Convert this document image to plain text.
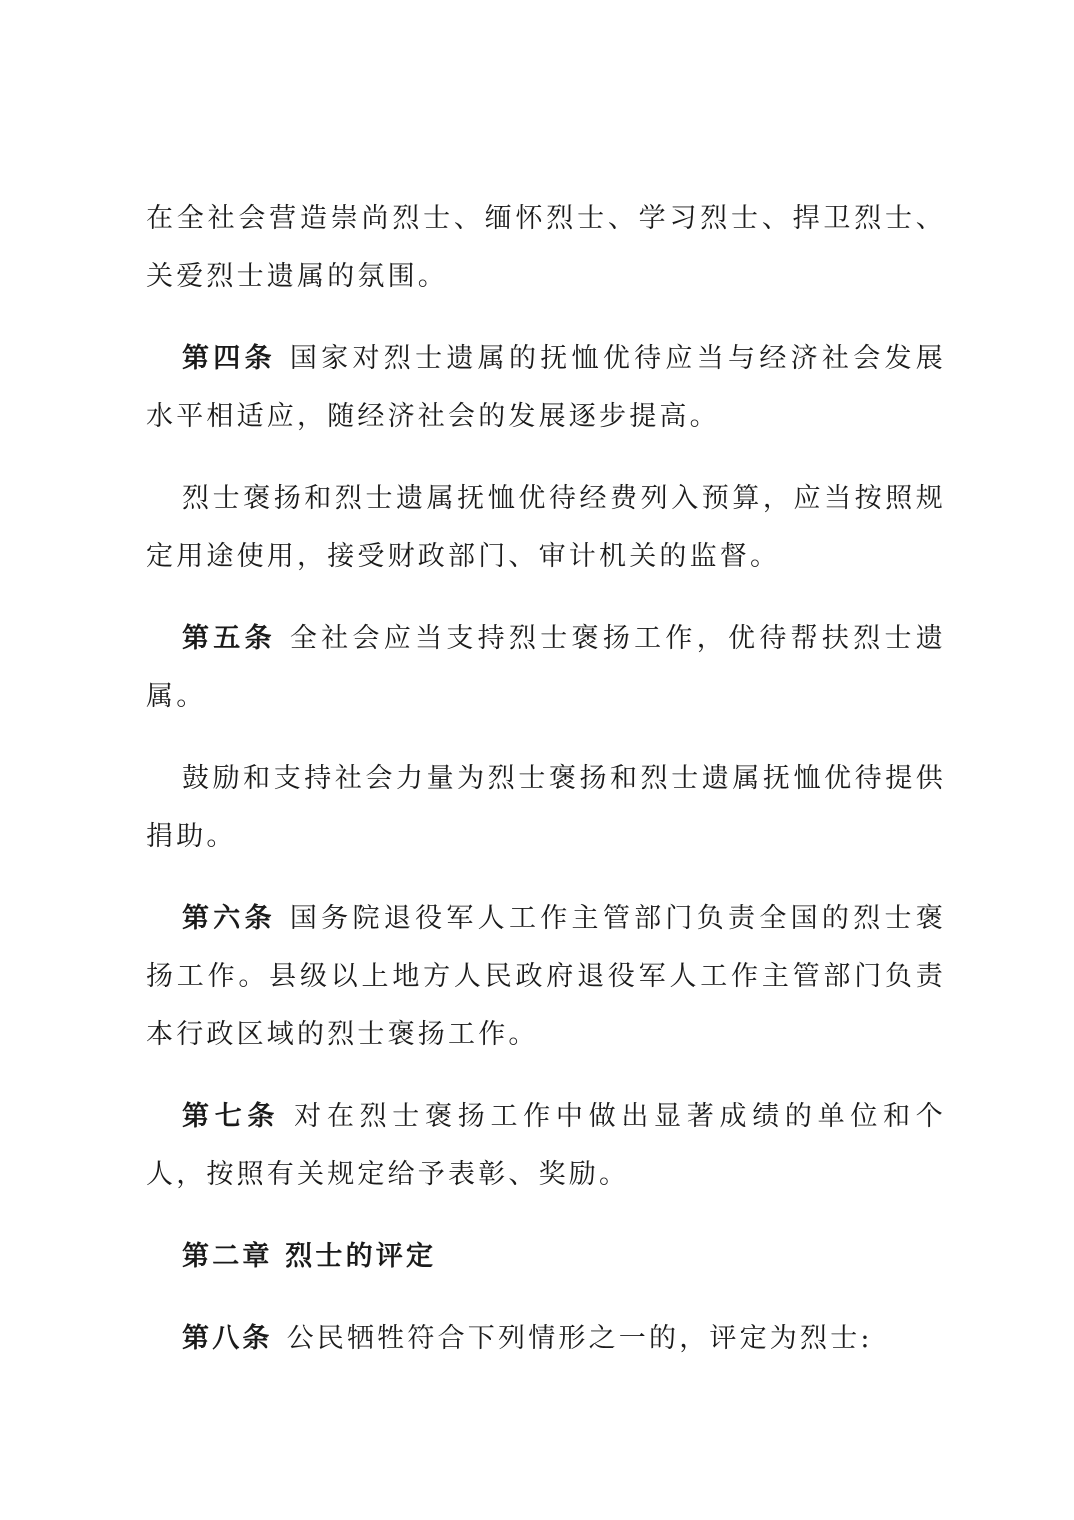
在全社会营造崇尚烈士、缅怀烈士、学习烈士、捍卫烈士、关爱烈士遗属的氛围。

第四条 国家对烈士遗属的抚恤优待应当与经济社会发展水平相适应，随经济社会的发展逐步提高。

烈士褒扬和烈士遗属抚恤优待经费列入预算，应当按照规定用途使用，接受财政部门、审计机关的监督。

第五条 全社会应当支持烈士褒扬工作，优待帮扶烈士遗属。

鼓励和支持社会力量为烈士褒扬和烈士遗属抚恤优待提供捐助。

第六条 国务院退役军人工作主管部门负责全国的烈士褒扬工作。县级以上地方人民政府退役军人工作主管部门负责本行政区域的烈士褒扬工作。

第七条 对在烈士褒扬工作中做出显著成绩的单位和个人，按照有关规定给予表彰、奖励。

第二章 烈士的评定

第八条 公民牺牲符合下列情形之一的，评定为烈士:
